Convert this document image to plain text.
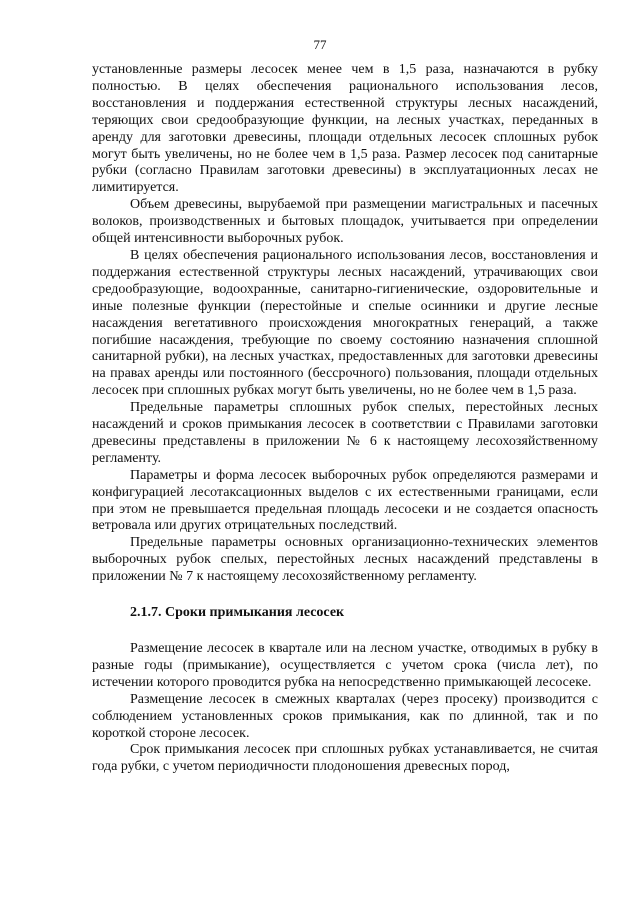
77

установленные размеры лесосек менее чем в 1,5 раза, назначаются в рубку полностью. В целях обеспечения рационального использования лесов, восстановления и поддержания естественной структуры лесных насаждений, теряющих свои средообразующие функции, на лесных участках, переданных в аренду для заготовки древесины, площади отдельных лесосек сплошных рубок могут быть увеличены, но не более чем в 1,5 раза. Размер лесосек под санитарные рубки (согласно Правилам заготовки древесины) в эксплуатационных лесах не лимитируется.

Объем древесины, вырубаемой при размещении магистральных и пасечных волоков, производственных и бытовых площадок, учитывается при определении общей интенсивности выборочных рубок.

В целях обеспечения рационального использования лесов, восстановления и поддержания естественной структуры лесных насаждений, утрачивающих свои средообразующие, водоохранные, санитарно-гигиенические, оздоровительные и иные полезные функции (перестойные и спелые осинники и другие лесные насаждения вегетативного происхождения многократных генераций, а также погибшие насаждения, требующие по своему состоянию назначения сплошной санитарной рубки), на лесных участках, предоставленных для заготовки древесины на правах аренды или постоянного (бессрочного) пользования, площади отдельных лесосек при сплошных рубках могут быть увеличены, но не более чем в 1,5 раза.

Предельные параметры сплошных рубок спелых, перестойных лесных насаждений и сроков примыкания лесосек в соответствии с Правилами заготовки древесины представлены в приложении № 6 к настоящему лесохозяйственному регламенту.

Параметры и форма лесосек выборочных рубок определяются размерами и конфигурацией лесотаксационных выделов с их естественными границами, если при этом не превышается предельная площадь лесосеки и не создается опасность ветровала или других отрицательных последствий.

Предельные параметры основных организационно-технических элементов выборочных рубок спелых, перестойных лесных насаждений представлены в приложении № 7 к настоящему лесохозяйственному регламенту.

2.1.7. Сроки примыкания лесосек

Размещение лесосек в квартале или на лесном участке, отводимых в рубку в разные годы (примыкание), осуществляется с учетом срока (числа лет), по истечении которого проводится рубка на непосредственно примыкающей лесосеке.

Размещение лесосек в смежных кварталах (через просеку) производится с соблюдением установленных сроков примыкания, как по длинной, так и по короткой стороне лесосек.

Срок примыкания лесосек при сплошных рубках устанавливается, не считая года рубки, с учетом периодичности плодоношения древесных пород,
